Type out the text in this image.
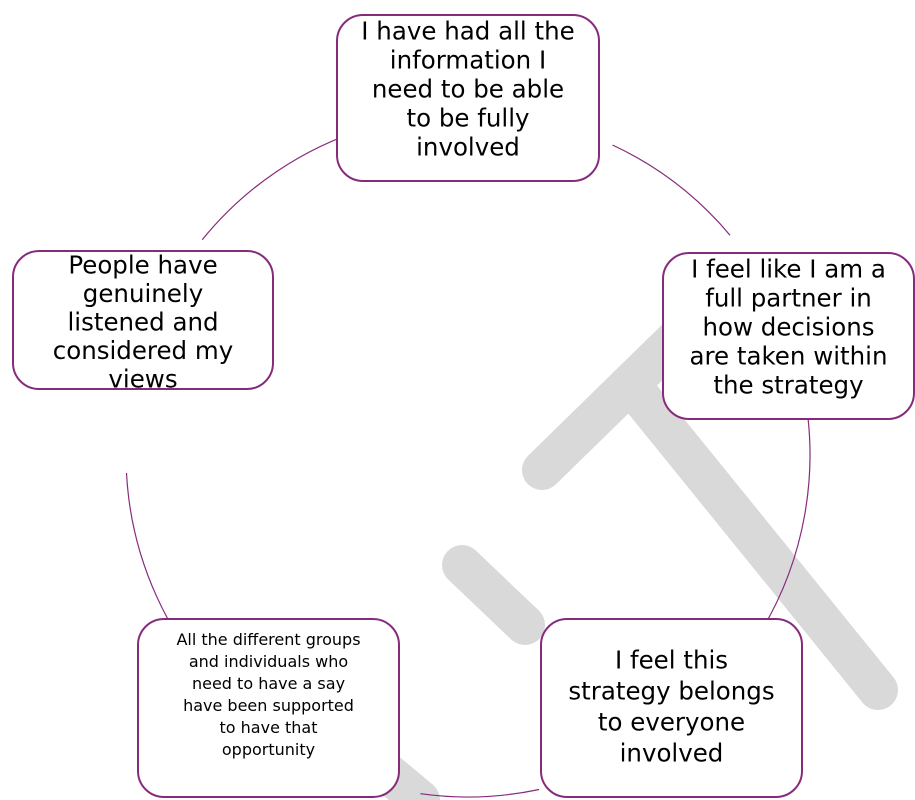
I have had all the
information I
need to be able
to be fully
involved
I feel like I am a
full partner in
how decisions
are taken within
the strategy
I feel this
strategy belongs
to everyone
involved
All the different groups
and individuals who
need to have a say
have been supported
to have that
opportunity
People have
genuinely
listened and
considered my
views
